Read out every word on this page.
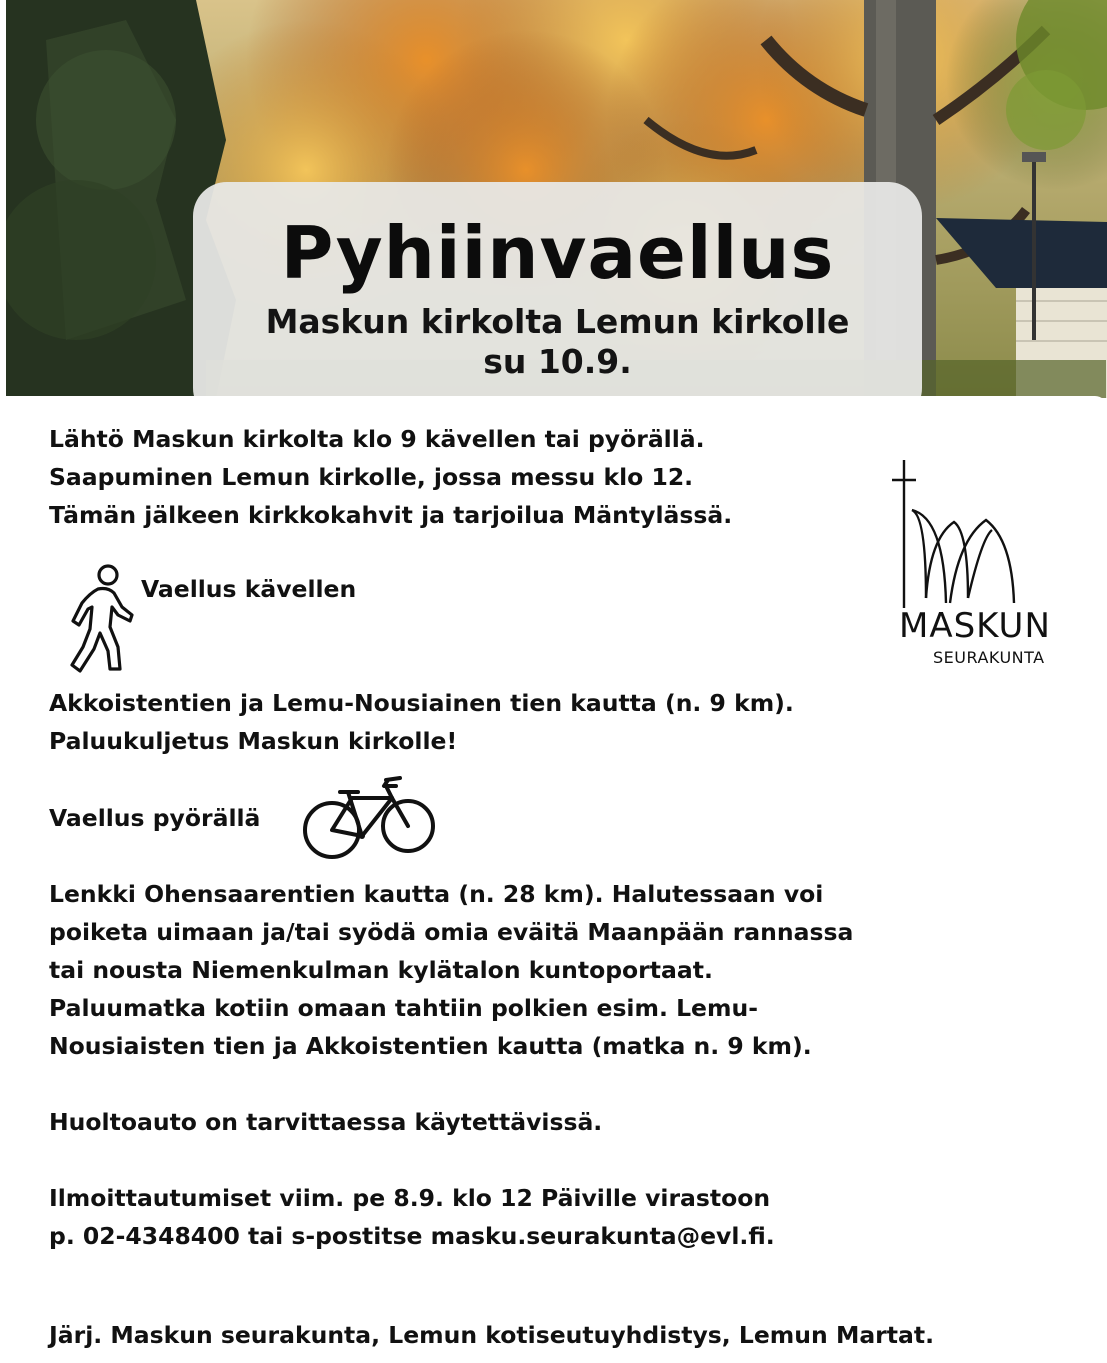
Pyhiinvaellus
Maskun kirkolta Lemun kirkolle
su 10.9.
Lähtö Maskun kirkolta klo 9 kävellen tai pyörällä.
Saapuminen Lemun kirkolle, jossa messu klo 12.
Tämän jälkeen kirkkokahvit ja tarjoilua Mäntylässä.
Vaellus kävellen
MASKUN
SEURAKUNTA
Akkoistentien ja Lemu-Nousiainen tien kautta (n. 9 km).
Paluukuljetus Maskun kirkolle!
Vaellus pyörällä
Lenkki Ohensaarentien kautta (n. 28 km). Halutessaan voi
poiketa uimaan ja/tai syödä omia eväitä Maanpään rannassa
tai nousta Niemenkulman kylätalon kuntoportaat.
Paluumatka kotiin omaan tahtiin polkien esim. Lemu-
Nousiaisten tien ja Akkoistentien kautta (matka n. 9 km).
Huoltoauto on tarvittaessa käytettävissä.
Ilmoittautumiset viim. pe 8.9. klo 12 Päiville virastoon
p. 02-4348400 tai s-postitse masku.seurakunta@evl.fi.
Järj. Maskun seurakunta, Lemun kotiseutuyhdistys, Lemun Martat.
